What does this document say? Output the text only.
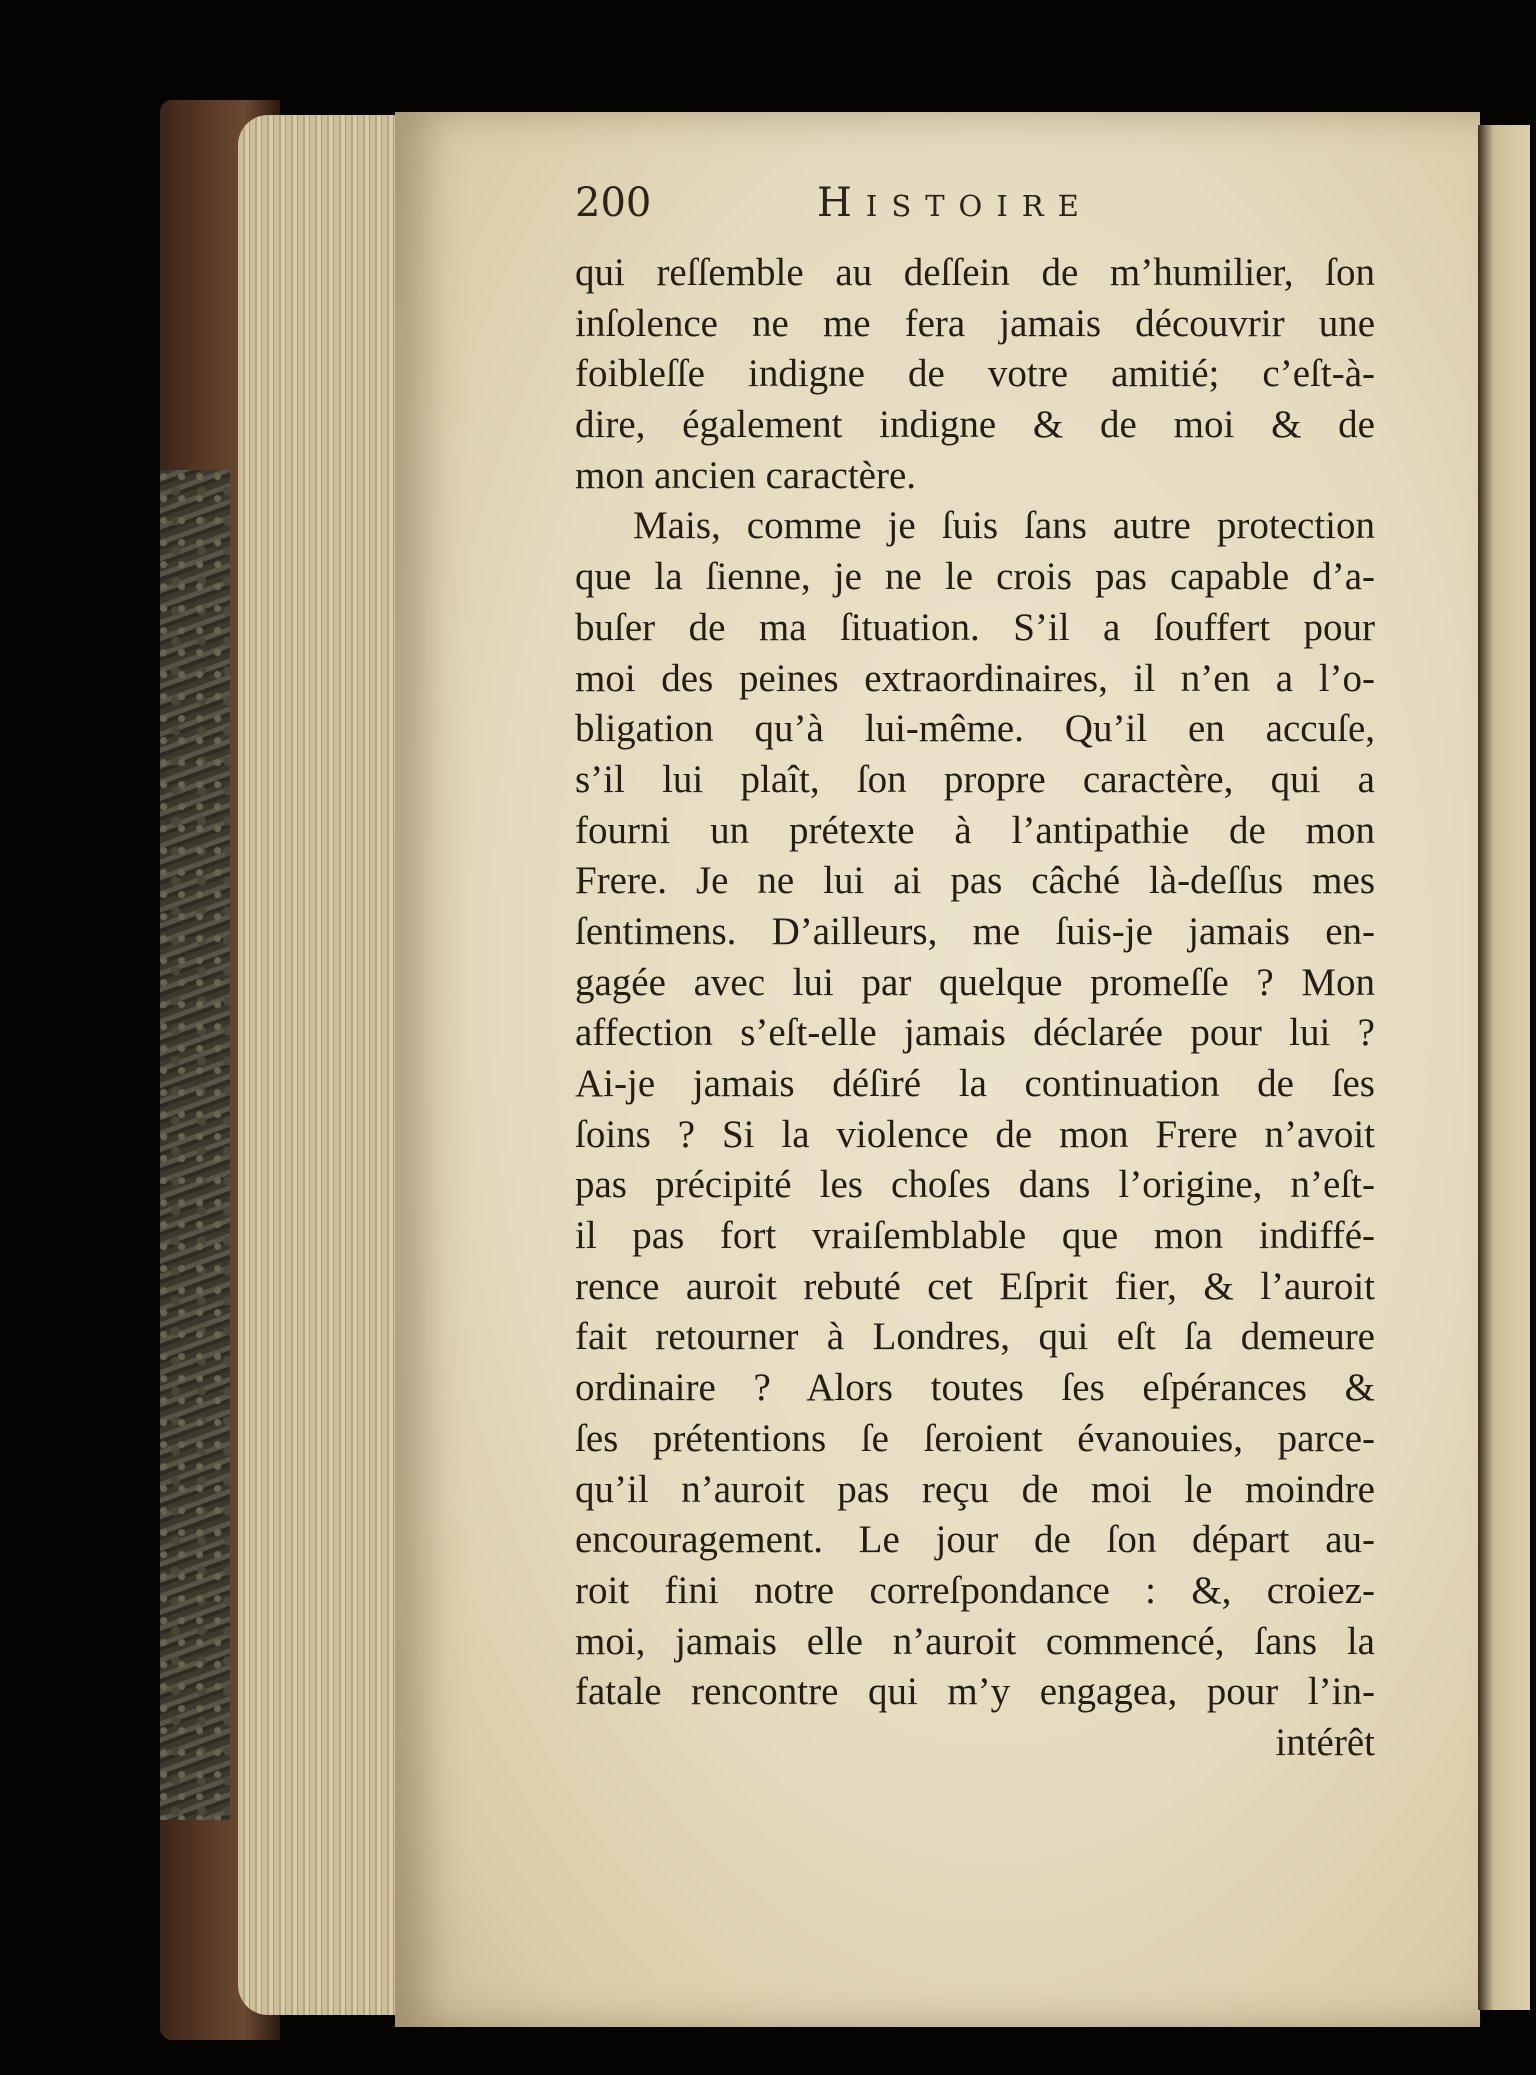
200	HISTOIRE
qui reſſemble au deſſein de m’humilier, ſon
inſolence ne me fera jamais découvrir une
foibleſſe indigne de votre amitié; c’eſt-à-
dire, également indigne & de moi & de
mon ancien caractère.
Mais, comme je ſuis ſans autre protection
que la ſienne, je ne le crois pas capable d’a-
buſer de ma ſituation. S’il a ſouffert pour
moi des peines extraordinaires, il n’en a l’o-
bligation qu’à lui-même. Qu’il en accuſe,
s’il lui plaît, ſon propre caractère, qui a
fourni un prétexte à l’antipathie de mon
Frere. Je ne lui ai pas câché là-deſſus mes
ſentimens. D’ailleurs, me ſuis-je jamais en-
gagée avec lui par quelque promeſſe ? Mon
affection s’eſt-elle jamais déclarée pour lui ?
Ai-je jamais déſiré la continuation de ſes
ſoins ? Si la violence de mon Frere n’avoit
pas précipité les choſes dans l’origine, n’eſt-
il pas fort vraiſemblable que mon indiffé-
rence auroit rebuté cet Eſprit fier, & l’auroit
fait retourner à Londres, qui eſt ſa demeure
ordinaire ? Alors toutes ſes eſpérances &
ſes prétentions ſe ſeroient évanouies, parce-
qu’il n’auroit pas reçu de moi le moindre
encouragement. Le jour de ſon départ au-
roit fini notre correſpondance : &, croiez-
moi, jamais elle n’auroit commencé, ſans la
fatale rencontre qui m’y engagea, pour l’in-
intérêt
